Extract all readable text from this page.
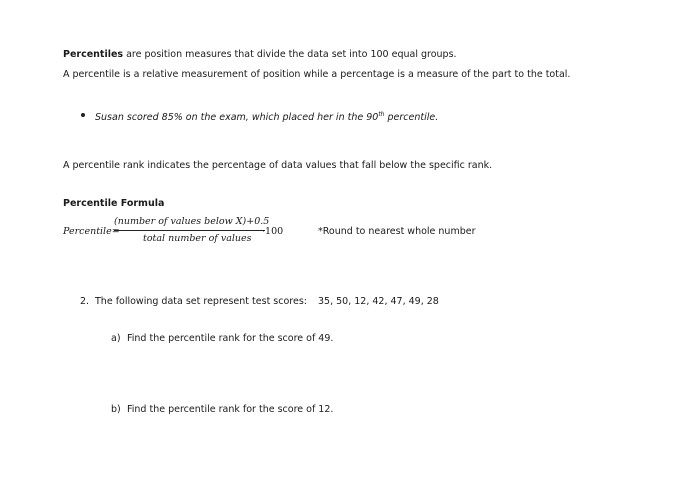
Percentiles are position measures that divide the data set into 100 equal groups.
A percentile is a relative measurement of position while a percentage is a measure of the part to the total.
Susan scored 85% on the exam, which placed her in the 90th percentile.
A percentile rank indicates the percentage of data values that fall below the specific rank.
Percentile Formula
Percentile=
(number of values below X)+0.5
total number of values
·100	*Round to nearest whole number
2. The following data set represent test scores: 35, 50, 12, 42, 47, 49, 28
a) Find the percentile rank for the score of 49.
b) Find the percentile rank for the score of 12.
